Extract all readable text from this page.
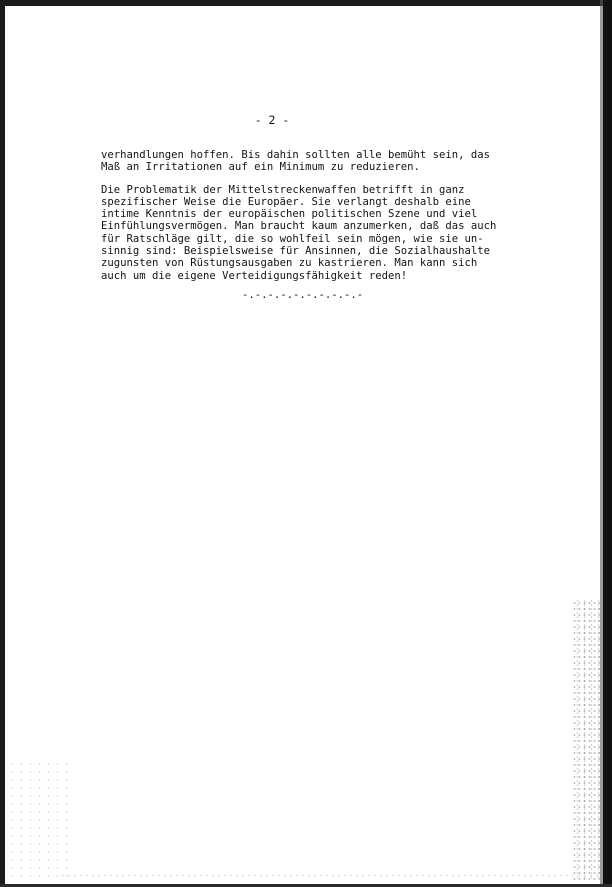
- 2 -

verhandlungen hoffen. Bis dahin sollten alle bemüht sein, das
Maß an Irritationen auf ein Minimum zu reduzieren.

Die Problematik der Mittelstreckenwaffen betrifft in ganz
spezifischer Weise die Europäer. Sie verlangt deshalb eine
intime Kenntnis der europäischen politischen Szene und viel
Einfühlungsvermögen. Man braucht kaum anzumerken, daß das auch
für Ratschläge gilt, die so wohlfeil sein mögen, wie sie un-
sinnig sind: Beispielsweise für Ansinnen, die Sozialhaushalte
zugunsten von Rüstungsausgaben zu kastrieren. Man kann sich
auch um die eigene Verteidigungsfähigkeit reden!

-.-.-.-.-.-.-.-.-.-
